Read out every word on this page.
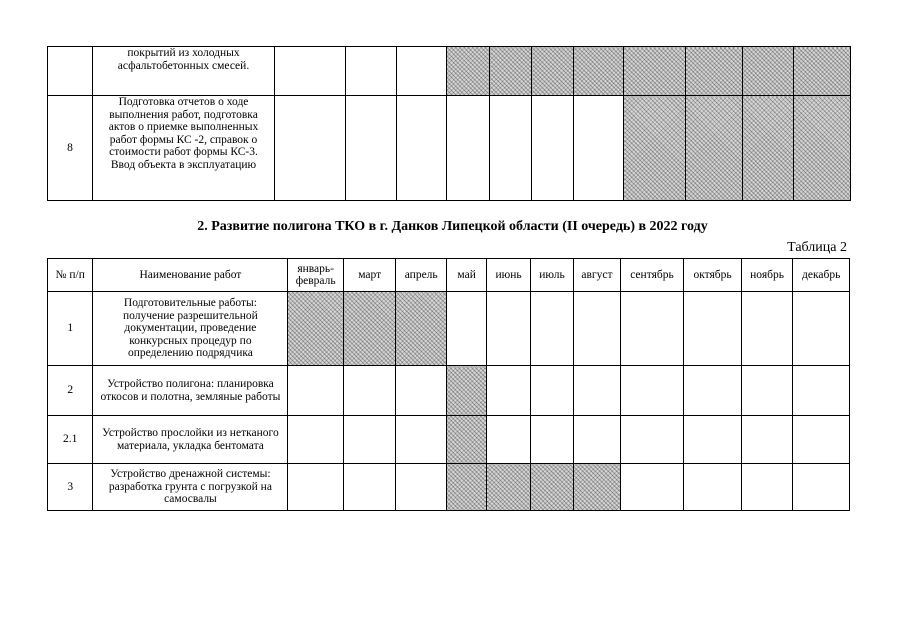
	покрытий из холодных асфальтобетонных смесей.											
8	Подготовка отчетов о ходе выполнения работ, подготовка актов о приемке выполненных работ формы КС -2, справок о стоимости работ формы КС-3. Ввод объекта в эксплуатацию											

2. Развитие полигона ТКО в г. Данков Липецкой области (II очередь) в 2022 году

Таблица 2

№ п/п	Наименование работ	январь-февраль	март	апрель	май	июнь	июль	август	сентябрь	октябрь	ноябрь	декабрь
1	Подготовительные работы: получение разрешительной документации, проведение конкурсных процедур по определению подрядчика											
2	Устройство полигона: планировка откосов и полотна, земляные работы											
2.1	Устройство прослойки из нетканого материала, укладка бентомата											
3	Устройство дренажной системы: разработка грунта с погрузкой на самосвалы											
